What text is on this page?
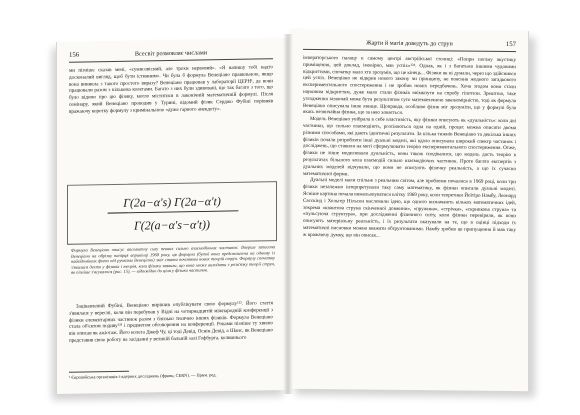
156	Всесвіт розмовляє числами

ми пізніше сказав мені, «сумнозвісний, але трохи нервовий». «Я напишу тобі надто досконалий вигляд, щоб бути істинним». Чи була б формула Венеціано правильною, якщо вона виникла з такого простого виразу? Венеціано працював у лабораторії ЦЕРН¹, де вони працювали разом з кількома колегами. Багато з них були здивовані, що так багато з того, що було відомо про цю фізику, могло міститися в лаконічній математичній формулі. Після семінару, який Венеціано проводив у Турині, відомий фізик Серджо Фубіні порівняв вражаючу коротку формулу з кримінальною «дуже гарного анекдоту».

Γ(2a−α's) Γ(2a−α't)
Γ(2(a−α's−α't))
Формула Венеціано описує апсолютну силу певних сильно взаємодіючих частинок. Вперше записана Венеціано на обрізку папірця вприкінці 1968 року, ця формула (бутої вона представлена на одному із найвідоміших фото під ручками Венеціано) зміг стати початком нових теорій струн. Формулу спочатку з'явилися дехто у фізиків і теорія, коли фізики заявили, що вона може виходити з розв'язку теорії струн, як пізніше з'ясувалося (рис. 15), — відповідно до ціни у фізики частинок.

Зацікавлений Фубіні, Венеціано вирішив опублікувати свою формулу¹²². Його стаття з'явилася у вересні, коли він перебував у Відні на чотирнадцятій міжнародній конференції з фізики елементарних частинок разом з близько тисячею інших фізиків. Формула Венеціано стала об'єктом подиву¹²³ і предметом обговорення на конференції. Роками пізніше ту хвилю він описав як ажіотаж. Його колега Джеф Чу, ці тоді Девід, Оснін Девід, а Шанс, як Венеціано представив свою роботу на засіданні у великій бальній залі Гофбурга, колишнього

¹ Європейська організація з ядерних досліджень (франц. CERN). — Прим. ред.
Жарти й магія доведуть до струн	157

імператорського палацу в самому центрі австрійської столиці: «Попри погану акустику приміщення, цей доклад, імовірно, мав успіх»¹²⁴. Однак, як і з багатьма іншими чудовими відкриттями, спочатку мало хто зрозумів, що це кінець... Фізики як ні думали, через що здійснився цей успіх. Венеціано не відкрив нового закону чи принципу, не пояснив жодного загадкового експериментального спостереження і не зробив нових передбачень. Хоча згодом вони стали науковим відкриттям, дуже мало стали фізиків ввімкнути на спробу гіпотези. Зрештою, таке узгодження зазвичай може бути результатом суто математичною закономірністю, тоді як формула Венеціано описувала інше явище. Щоправда, особливо фізик міг зрозуміти, що у формулі була якась незвичайна фізика, що за нею ховається.

Модель Венеціано увібрала в себе властивість, яку фізики описують як «дуальність»: коли дві частинки, що сильно взаємодіють, розсіюються одна на одній, процес можна описати двома різними способами, які дають ідентичні результати. За кілька тижнів Венеціано та декілька інших фізиків почали розробляти інші дуальні моделі, які вдало описували широкий спектр частинок і досліджень, що ставили на меті сформулювати теорію експериментального спостереження. Отже, фізики не лише моделювали дуальність, вони також сподівалися, що модель дасть теорію в результатах більшого кола взаємодій сильно взаємодіючих частинок. Проте багато експертів з дуальних моделей відчували, що вони не описують фізичну реальність, а що їх сучасно математичної форми.

Дуальні моделі мали спільне з реальним світом, але проблеми почалися в 1969 році, коли три фізики незалежно інтерпретували таку саму математику, як фізики описали дуальні моделі. Ясніше картина почала вимальовуватися влітку 1969 року, коли теоретики Йоїтіро Намбу, Леонард Сасскінд і Хольгер Нільсен висловили ідею, що одного визначають кількох математичних ідей, зокрема «квантова струна скінченної довжини», «пружина», «стрічка», «скрипкова струна» та «пульсуюча структура», при дослідженні фізичного світу, коли фізики перевіряли, як вони описують матеріальну реальність, і їх результати вказували на те, що в оцінці підходи їх математичні висновки можна вважати обґрунтованими. Намбу зробив це припущення й мав таку ж вражаючу думку, що він описав...
